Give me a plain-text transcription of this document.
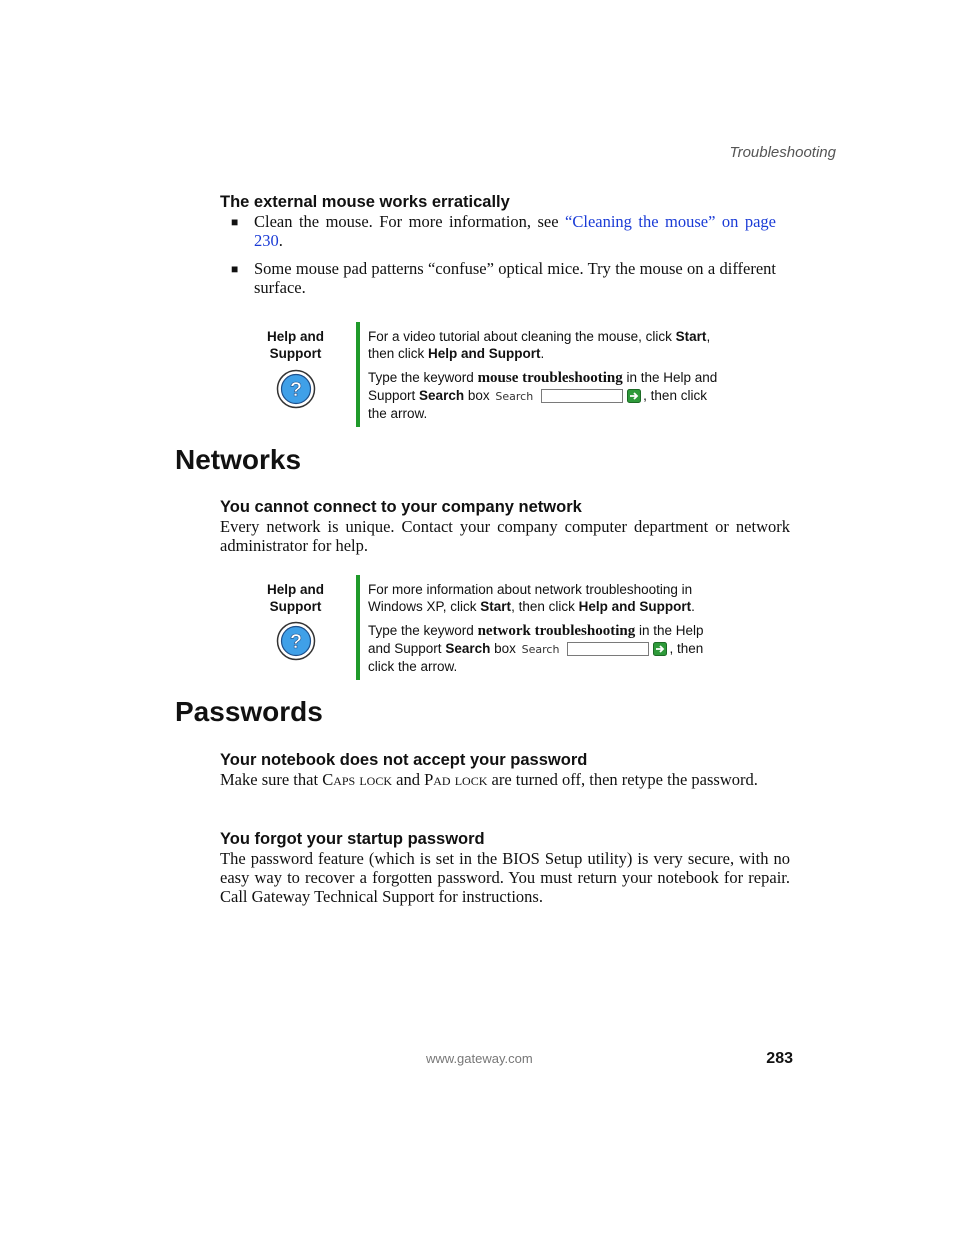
Troubleshooting
The external mouse works erratically
■ Clean the mouse. For more information, see “Cleaning the mouse” on page 230.
■ Some mouse pad patterns “confuse” optical mice. Try the mouse on a different surface.
Help and
Support
?
For a video tutorial about cleaning the mouse, click Start, then click Help and Support.
Type the keyword mouse troubleshooting in the Help and Support Search box Search	, then click the arrow.
Networks
You cannot connect to your company network
Every network is unique. Contact your company computer department or network administrator for help.
Help and
Support
?
For more information about network troubleshooting in Windows XP, click Start, then click Help and Support.
Type the keyword network troubleshooting in the Help and Support Search box Search	, then click the arrow.
Passwords
Your notebook does not accept your password
Make sure that Caps lock and Pad lock are turned off, then retype the password.
You forgot your startup password
The password feature (which is set in the BIOS Setup utility) is very secure, with no easy way to recover a forgotten password. You must return your notebook for repair. Call Gateway Technical Support for instructions.
www.gateway.com	283
